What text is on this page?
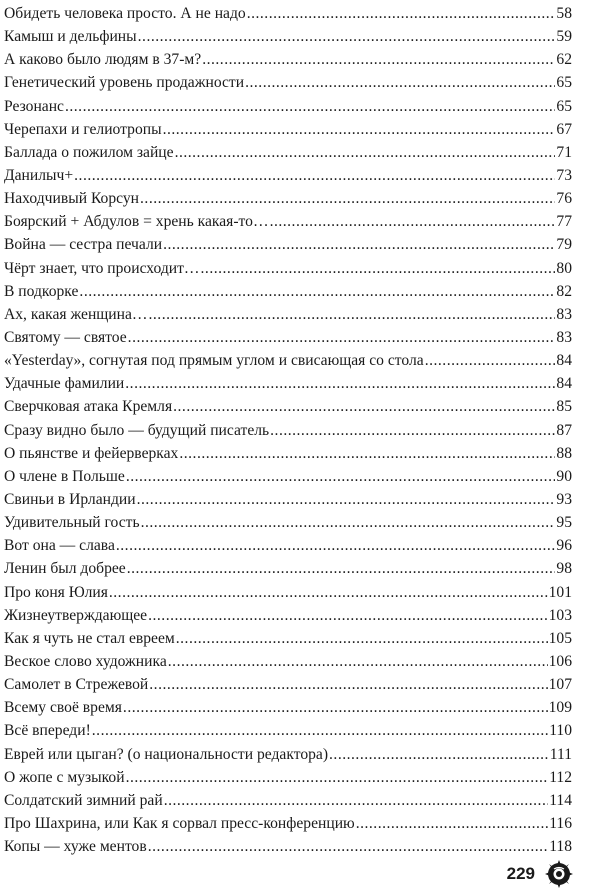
Обидеть человека просто. А не надо .....	58
Камыш и дельфины .....	59
А каково было людям в 37-м? .....	62
Генетический уровень продажности .....	65
Резонанс .....	65
Черепахи и гелиотропы .....	67
Баллада о пожилом зайце .....	71
Данилыч+ .....	73
Находчивый Корсун .....	76
Боярский + Абдулов = хрень какая-то… .....	77
Война — сестра печали .....	79
Чёрт знает, что происходит… .....	80
В подкорке .....	82
Ах, какая женщина… .....	83
Святому — святое .....	83
«Yesterday», согнутая под прямым углом и свисающая со стола .....	84
Удачные фамилии .....	84
Сверчковая атака Кремля .....	85
Сразу видно было — будущий писатель .....	87
О пьянстве и фейерверках .....	88
О члене в Польше .....	90
Свиньи в Ирландии .....	93
Удивительный гость .....	95
Вот она — слава .....	96
Ленин был добрее .....	98
Про коня Юлия .....	101
Жизнеутверждающее .....	103
Как я чуть не стал евреем .....	105
Веское слово художника .....	106
Самолет в Стрежевой .....	107
Всему своё время .....	109
Всё впереди! .....	110
Еврей или цыган? (о национальности редактора) .....	111
О жопе с музыкой .....	112
Солдатский зимний рай .....	114
Про Шахрина, или Как я сорвал пресс-конференцию .....	116
Копы — хуже ментов .....	118
229
